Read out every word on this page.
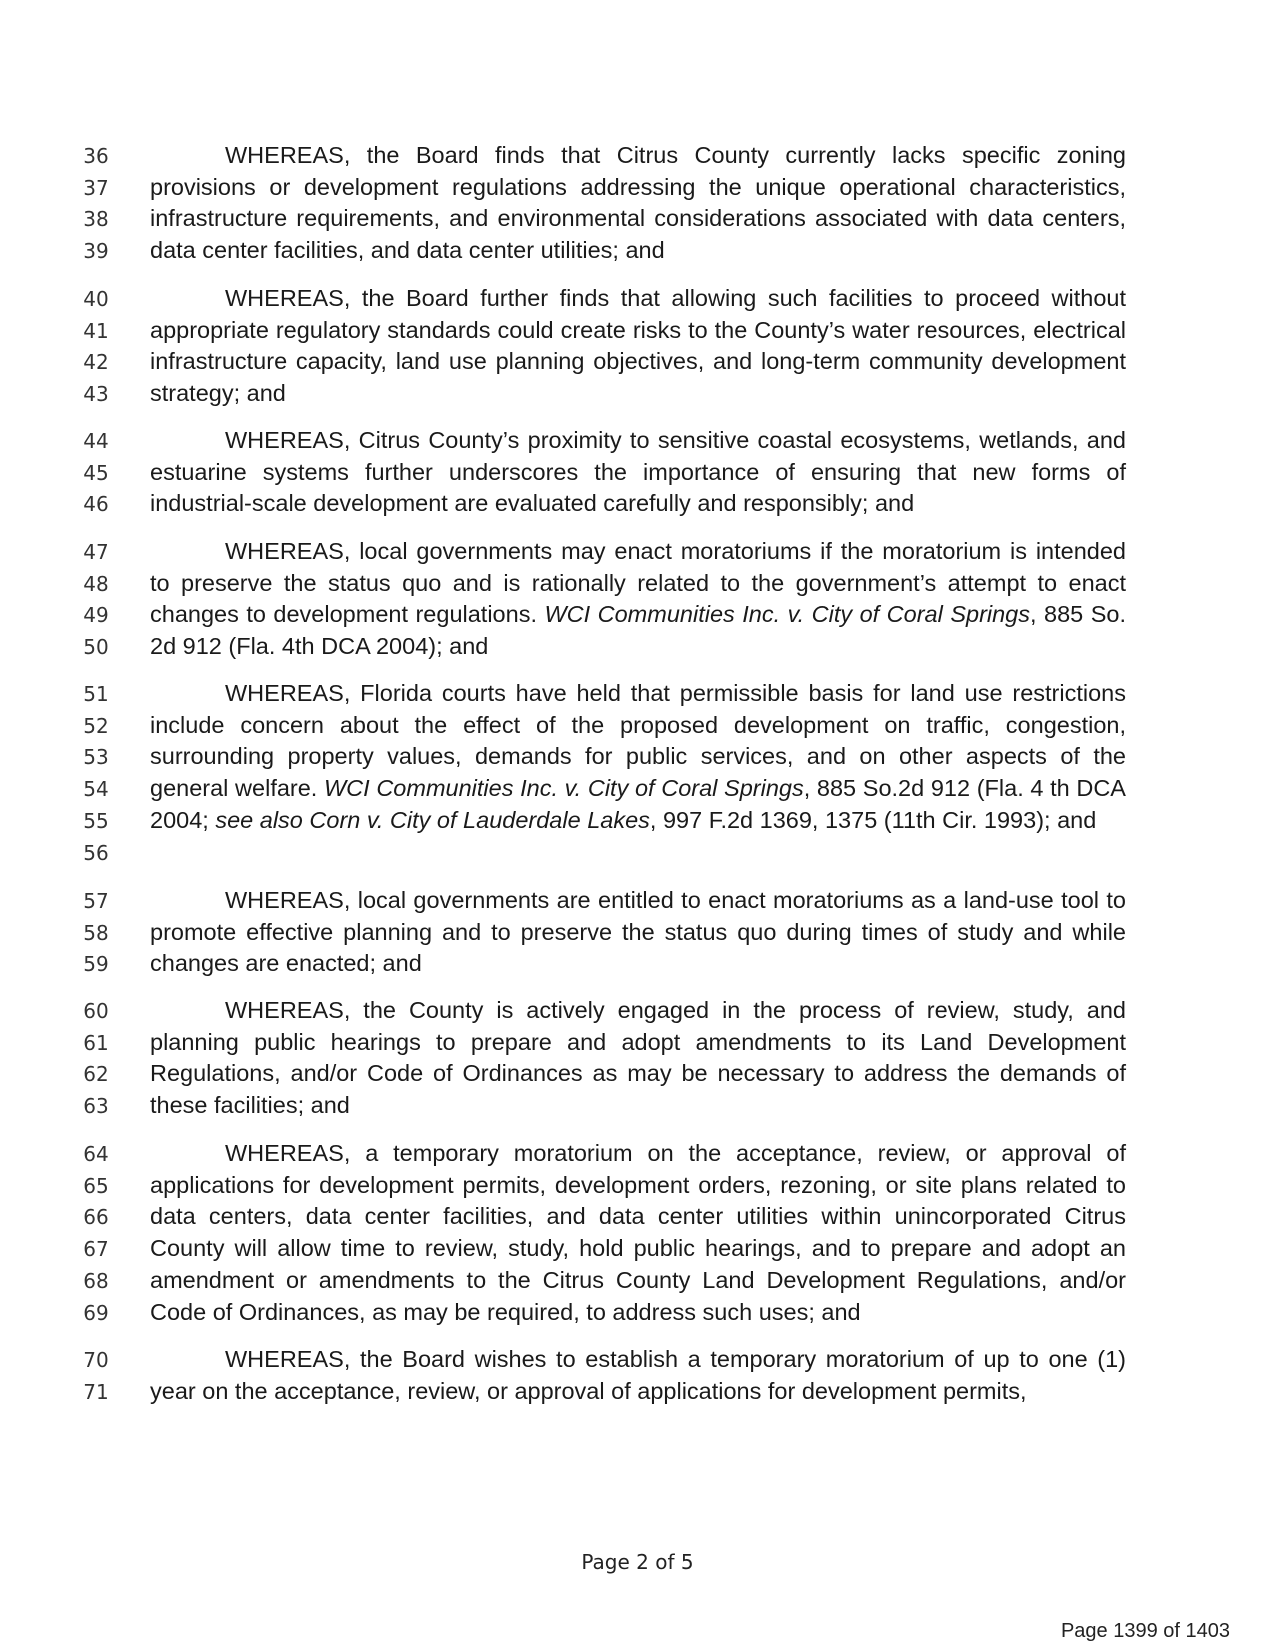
36
37
38
39
WHEREAS, the Board finds that Citrus County currently lacks specific zoning provisions or development regulations addressing the unique operational characteristics, infrastructure requirements, and environmental considerations associated with data centers, data center facilities, and data center utilities; and
40
41
42
43
WHEREAS, the Board further finds that allowing such facilities to proceed without appropriate regulatory standards could create risks to the County’s water resources, electrical infrastructure capacity, land use planning objectives, and long-term community development strategy; and
44
45
46
WHEREAS, Citrus County’s proximity to sensitive coastal ecosystems, wetlands, and estuarine systems further underscores the importance of ensuring that new forms of industrial-scale development are evaluated carefully and responsibly; and
47
48
49
50
WHEREAS, local governments may enact moratoriums if the moratorium is intended to preserve the status quo and is rationally related to the government’s attempt to enact changes to development regulations. WCI Communities Inc. v. City of Coral Springs, 885 So. 2d 912 (Fla. 4th DCA 2004); and
51
52
53
54
55
56
WHEREAS, Florida courts have held that permissible basis for land use restrictions include concern about the effect of the proposed development on traffic, congestion, surrounding property values, demands for public services, and on other aspects of the general welfare. WCI Communities Inc. v. City of Coral Springs, 885 So.2d 912 (Fla. 4 th DCA 2004; see also Corn v. City of Lauderdale Lakes, 997 F.2d 1369, 1375 (11th Cir. 1993); and
57
58
59
WHEREAS, local governments are entitled to enact moratoriums as a land-use tool to promote effective planning and to preserve the status quo during times of study and while changes are enacted; and
60
61
62
63
WHEREAS, the County is actively engaged in the process of review, study, and planning public hearings to prepare and adopt amendments to its Land Development Regulations, and/or Code of Ordinances as may be necessary to address the demands of these facilities; and
64
65
66
67
68
69
WHEREAS, a temporary moratorium on the acceptance, review, or approval of applications for development permits, development orders, rezoning, or site plans related to data centers, data center facilities, and data center utilities within unincorporated Citrus County will allow time to review, study, hold public hearings, and to prepare and adopt an amendment or amendments to the Citrus County Land Development Regulations, and/or Code of Ordinances, as may be required, to address such uses; and
70
71
WHEREAS, the Board wishes to establish a temporary moratorium of up to one (1) year on the acceptance, review, or approval of applications for development permits,
Page 2 of 5
Page 1399 of 1403
